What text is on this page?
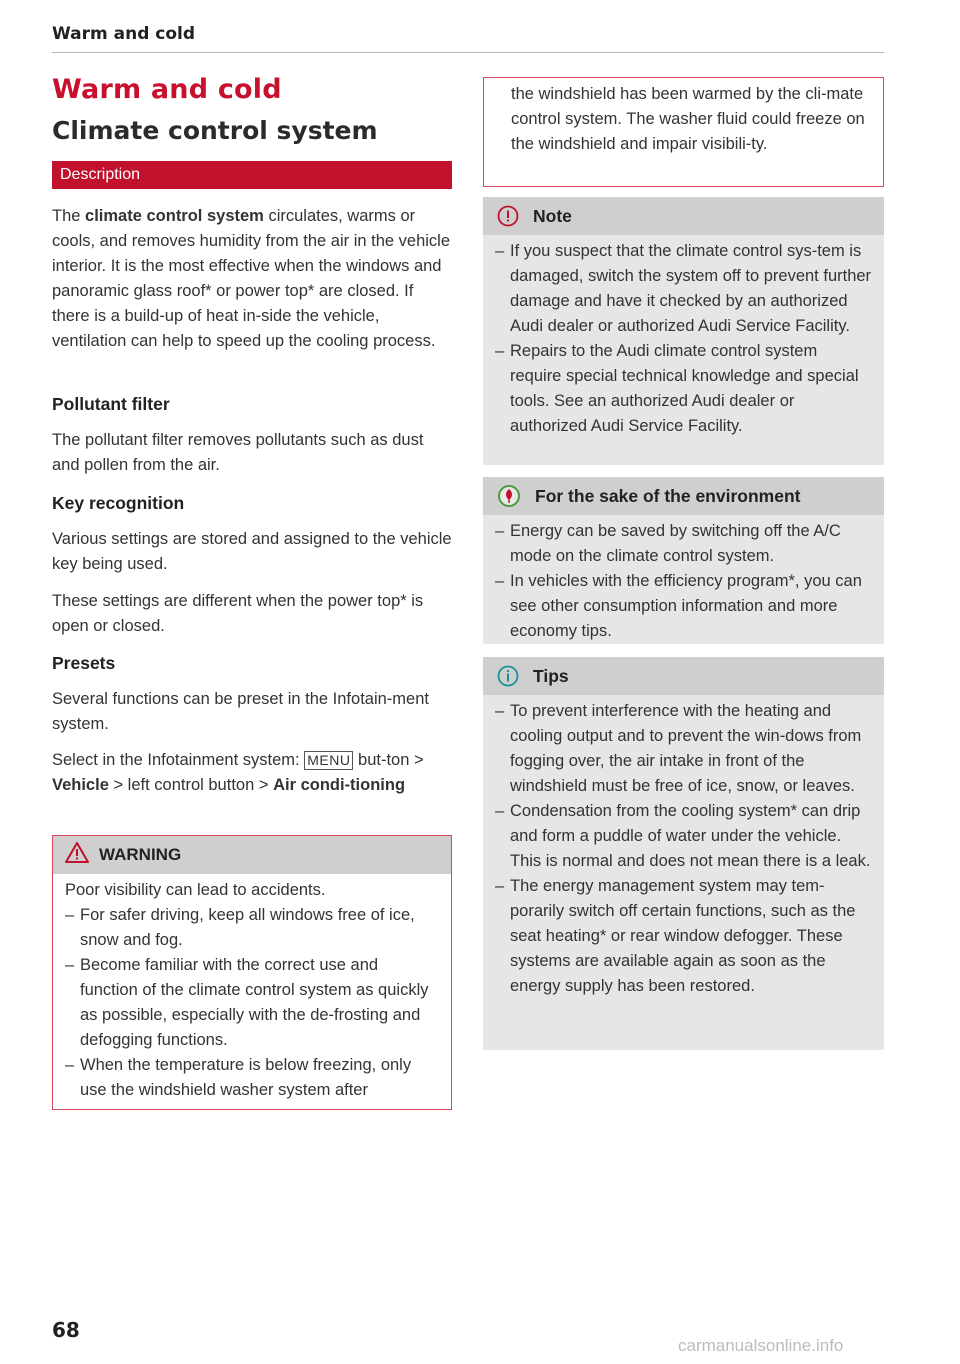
Warm and cold
Warm and cold
Climate control system
Description

The climate control system circulates, warms or cools, and removes humidity from the air in the vehicle interior. It is the most effective when the windows and panoramic glass roof* or power top* are closed. If there is a build-up of heat in-side the vehicle, ventilation can help to speed up the cooling process.

Pollutant filter

The pollutant filter removes pollutants such as dust and pollen from the air.

Key recognition

Various settings are stored and assigned to the vehicle key being used.

These settings are different when the power top* is open or closed.

Presets

Several functions can be preset in the Infotain-ment system.

Select in the Infotainment system: MENU but-ton > Vehicle > left control button > Air condi-tioning

WARNING

Poor visibility can lead to accidents.

– For safer driving, keep all windows free of ice, snow and fog.
– Become familiar with the correct use and function of the climate control system as quickly as possible, especially with the de-frosting and defogging functions.
– When the temperature is below freezing, only use the windshield washer system after

the windshield has been warmed by the cli-mate control system. The washer fluid could freeze on the windshield and impair visibili-ty.

Note
– If you suspect that the climate control sys-tem is damaged, switch the system off to prevent further damage and have it checked by an authorized Audi dealer or authorized Audi Service Facility.
– Repairs to the Audi climate control system require special technical knowledge and special tools. See an authorized Audi dealer or authorized Audi Service Facility.
For the sake of the environment
– Energy can be saved by switching off the A/C mode on the climate control system.
– In vehicles with the efficiency program*, you can see other consumption information and more economy tips.
Tips
– To prevent interference with the heating and cooling output and to prevent the win-dows from fogging over, the air intake in front of the windshield must be free of ice, snow, or leaves.
– Condensation from the cooling system* can drip and form a puddle of water under the vehicle. This is normal and does not mean there is a leak.
– The energy management system may tem-porarily switch off certain functions, such as the seat heating* or rear window defogger. These systems are available again as soon as the energy supply has been restored.
68
carmanualsonline.info
